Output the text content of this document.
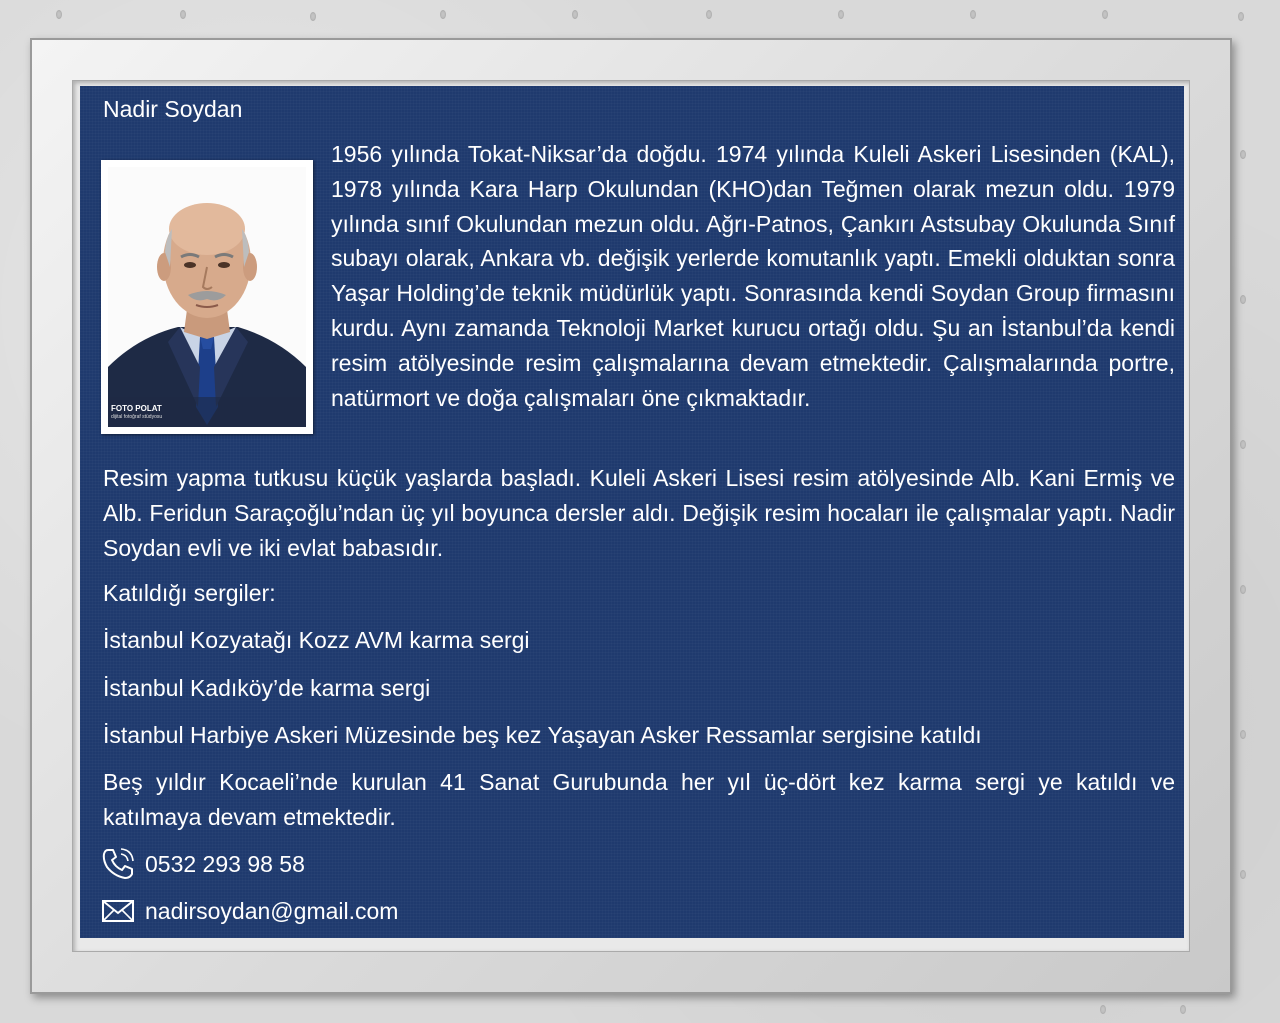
Nadir Soydan
FOTO POLAT
dijital fotoğraf stüdyosu
1956 yılında Tokat-Niksar’da doğdu. 1974 yılında Kuleli Askeri Lisesinden (KAL), 1978 yılında Kara Harp Okulundan (KHO)dan Teğmen olarak mezun oldu. 1979 yılında sınıf Okulundan mezun oldu. Ağrı-Patnos, Çankırı Astsubay Okulunda Sınıf subayı olarak, Ankara vb. değişik yerlerde komutanlık yaptı. Emekli olduktan sonra Yaşar Holding’de teknik müdürlük yaptı. Sonrasında kendi Soydan Group firmasını kurdu. Aynı zamanda Teknoloji Market kurucu ortağı oldu. Şu an İstanbul’da kendi resim atölyesinde resim çalışmalarına devam etmektedir. Çalışmalarında portre, natürmort ve doğa çalışmaları öne çıkmaktadır.
Resim yapma tutkusu küçük yaşlarda başladı. Kuleli Askeri Lisesi resim atölyesinde Alb. Kani Ermiş ve Alb. Feridun Saraçoğlu’ndan üç yıl boyunca dersler aldı. Değişik resim hocaları ile çalışmalar yaptı. Nadir Soydan evli ve iki evlat babasıdır.
Katıldığı sergiler:
İstanbul Kozyatağı Kozz AVM karma sergi
İstanbul Kadıköy’de karma sergi
İstanbul Harbiye Askeri Müzesinde beş kez Yaşayan Asker Ressamlar sergisine katıldı
Beş yıldır Kocaeli’nde kurulan 41 Sanat Gurubunda her yıl üç-dört kez karma sergi ye katıldı ve katılmaya devam etmektedir.
0532 293 98 58
nadirsoydan@gmail.com
